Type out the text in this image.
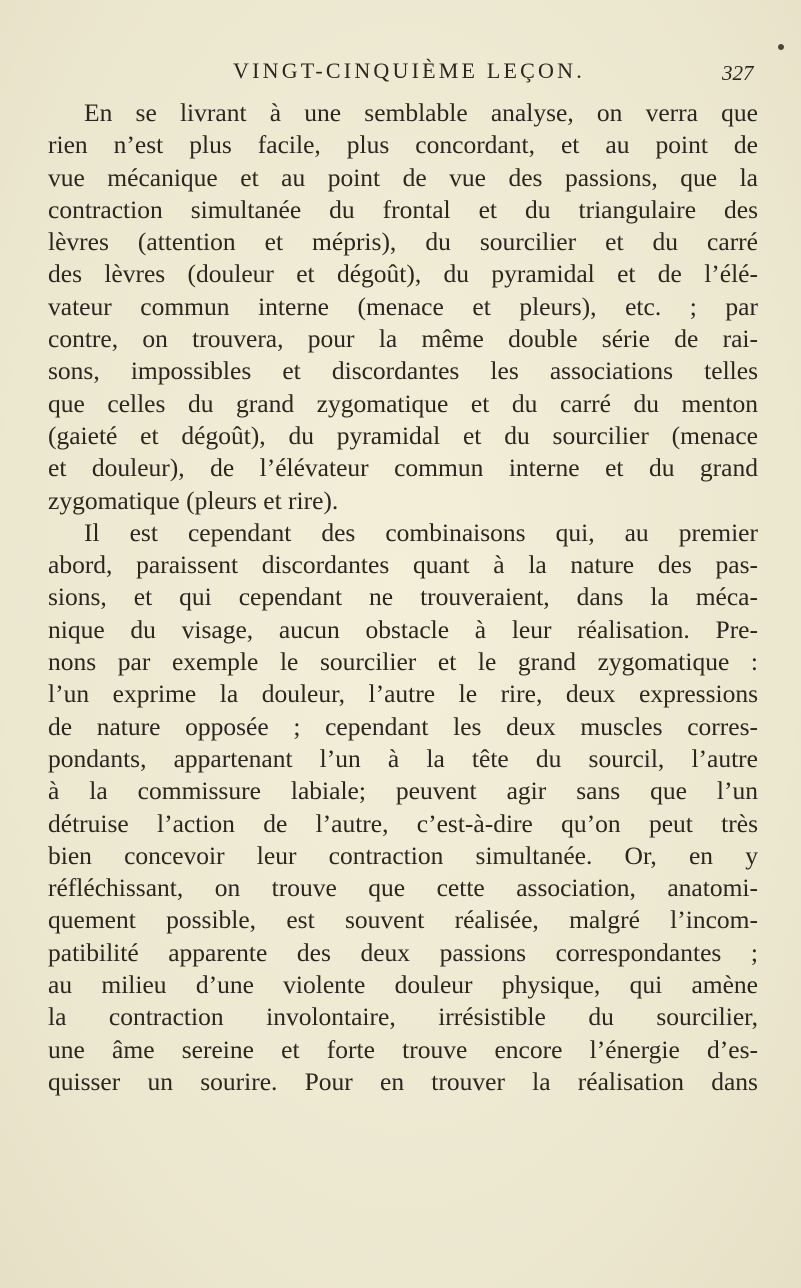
VINGT-CINQUIÈME LEÇON.	327
En se livrant à une semblable analyse, on verra que
rien n’est plus facile, plus concordant, et au point de
vue mécanique et au point de vue des passions, que la
contraction simultanée du frontal et du triangulaire des
lèvres (attention et mépris), du sourcilier et du carré
des lèvres (douleur et dégoût), du pyramidal et de l’élé-
vateur commun interne (menace et pleurs), etc. ; par
contre, on trouvera, pour la même double série de rai-
sons, impossibles et discordantes les associations telles
que celles du grand zygomatique et du carré du menton
(gaieté et dégoût), du pyramidal et du sourcilier (menace
et douleur), de l’élévateur commun interne et du grand
zygomatique (pleurs et rire).
Il est cependant des combinaisons qui, au premier
abord, paraissent discordantes quant à la nature des pas-
sions, et qui cependant ne trouveraient, dans la méca-
nique du visage, aucun obstacle à leur réalisation. Pre-
nons par exemple le sourcilier et le grand zygomatique :
l’un exprime la douleur, l’autre le rire, deux expressions
de nature opposée ; cependant les deux muscles corres-
pondants, appartenant l’un à la tête du sourcil, l’autre
à la commissure labiale; peuvent agir sans que l’un
détruise l’action de l’autre, c’est-à-dire qu’on peut très
bien concevoir leur contraction simultanée. Or, en y
réfléchissant, on trouve que cette association, anatomi-
quement possible, est souvent réalisée, malgré l’incom-
patibilité apparente des deux passions correspondantes ;
au milieu d’une violente douleur physique, qui amène
la contraction involontaire, irrésistible du sourcilier,
une âme sereine et forte trouve encore l’énergie d’es-
quisser un sourire. Pour en trouver la réalisation dans
